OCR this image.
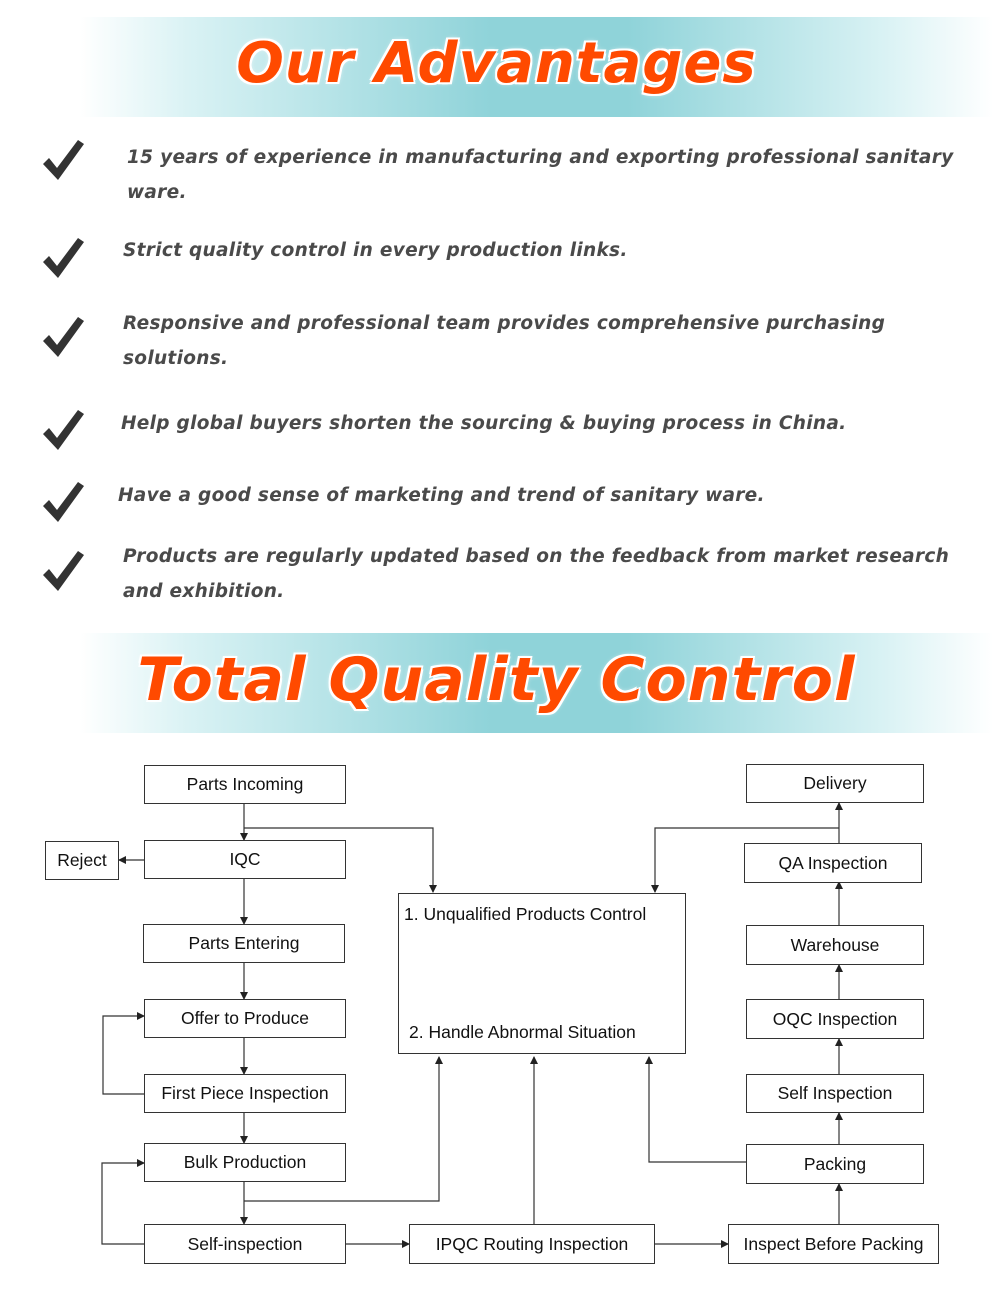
Our Advantages
15 years of experience in manufacturing and exporting professional sanitary
ware.
Strict quality control in every production links.
Responsive and professional team provides comprehensive purchasing
solutions.
Help global buyers shorten the sourcing & buying process in China.
Have a good sense of marketing and trend of sanitary ware.
Products are regularly updated based on the feedback from market research
and exhibition.
Total Quality Control
Parts Incoming
Reject	IQC
Parts Entering
Offer to Produce
First Piece Inspection
Bulk Production
Self-inspection
1. Unqualified Products Control
2. Handle Abnormal Situation
IPQC Routing Inspection
Delivery
QA Inspection
Warehouse
OQC Inspection
Self Inspection
Packing
Inspect Before Packing
